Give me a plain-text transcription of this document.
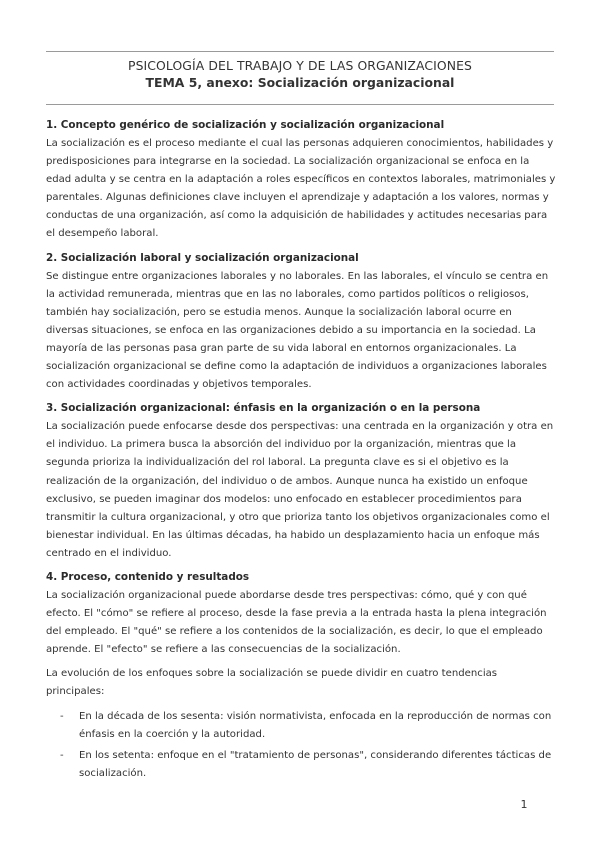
PSICOLOGÍA DEL TRABAJO Y DE LAS ORGANIZACIONES
TEMA 5, anexo: Socialización organizacional
1. Concepto genérico de socialización y socialización organizacional

La socialización es el proceso mediante el cual las personas adquieren conocimientos, habilidades y predisposiciones para integrarse en la sociedad. La socialización organizacional se enfoca en la edad adulta y se centra en la adaptación a roles específicos en contextos laborales, matrimoniales y parentales. Algunas definiciones clave incluyen el aprendizaje y adaptación a los valores, normas y conductas de una organización, así como la adquisición de habilidades y actitudes necesarias para el desempeño laboral.

2. Socialización laboral y socialización organizacional

Se distingue entre organizaciones laborales y no laborales. En las laborales, el vínculo se centra en la actividad remunerada, mientras que en las no laborales, como partidos políticos o religiosos, también hay socialización, pero se estudia menos. Aunque la socialización laboral ocurre en diversas situaciones, se enfoca en las organizaciones debido a su importancia en la sociedad. La mayoría de las personas pasa gran parte de su vida laboral en entornos organizacionales. La socialización organizacional se define como la adaptación de individuos a organizaciones laborales con actividades coordinadas y objetivos temporales.

3. Socialización organizacional: énfasis en la organización o en la persona

La socialización puede enfocarse desde dos perspectivas: una centrada en la organización y otra en el individuo. La primera busca la absorción del individuo por la organización, mientras que la segunda prioriza la individualización del rol laboral. La pregunta clave es si el objetivo es la realización de la organización, del individuo o de ambos. Aunque nunca ha existido un enfoque exclusivo, se pueden imaginar dos modelos: uno enfocado en establecer procedimientos para transmitir la cultura organizacional, y otro que prioriza tanto los objetivos organizacionales como el bienestar individual. En las últimas décadas, ha habido un desplazamiento hacia un enfoque más centrado en el individuo.

4. Proceso, contenido y resultados

La socialización organizacional puede abordarse desde tres perspectivas: cómo, qué y con qué efecto. El "cómo" se refiere al proceso, desde la fase previa a la entrada hasta la plena integración del empleado. El "qué" se refiere a los contenidos de la socialización, es decir, lo que el empleado aprende. El "efecto" se refiere a las consecuencias de la socialización.

La evolución de los enfoques sobre la socialización se puede dividir en cuatro tendencias principales:

- En la década de los sesenta: visión normativista, enfocada en la reproducción de normas con énfasis en la coerción y la autoridad.
- En los setenta: enfoque en el "tratamiento de personas", considerando diferentes tácticas de socialización.
1
